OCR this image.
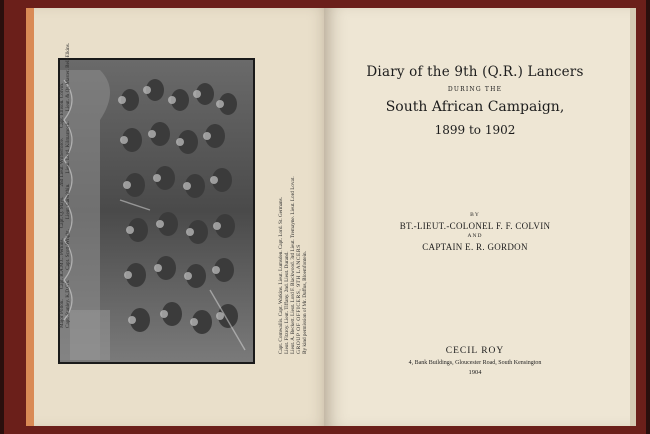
Major Pollok.
Capt. R.A.M.C. Perkins.
Capt. Q. Mays.
2nd Lieut. Wilberforce.
Capt. Ellison. Colvin.
Capt. Stanley. K.D.G's.
Capt. Scott-Wright.
Lieut. Carwithin.
Lieut. Lord. Kilmarnock.
Lieut. & Qr. Master. Bell-Elkins.
Capt. Cornwallis. Capt. Watkins. Lieut. Lumsden. Capt. Lord. St. Germans. Lieut. Fitzroy. Lieut. Tiffany. 2nd. Lieut. Durand. Lieut. A. Beckett. Lieut. Lord F. Blackwood. 3rd Lieut. Tremayne. Lieut. Lord Lovat. GROUP OF OFFICERS, 9TH LANCERS By kind permission of Mr. Duffus, Bloemfontein.
Diary of the 9th (Q.R.) Lancers
DURING THE
South African Campaign,
1899 to 1902
BY
BT.-LIEUT.-COLONEL F. F. COLVIN
AND
CAPTAIN E. R. GORDON
CECIL ROY
4, Bank Buildings, Gloucester Road, South Kensington
1904
